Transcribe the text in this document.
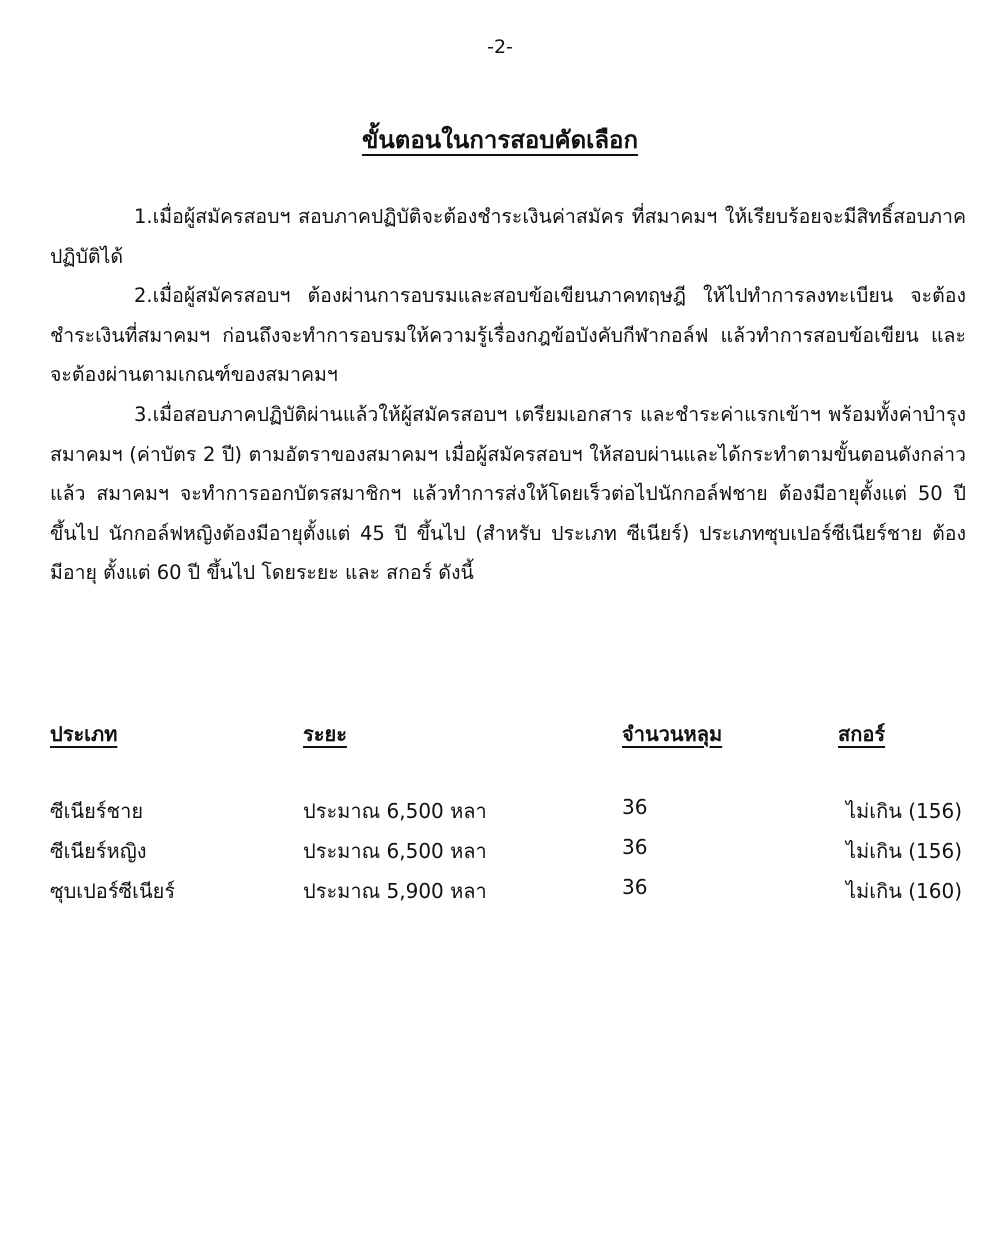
-2-
ขั้นตอนในการสอบคัดเลือก

1.เมื่อผู้สมัครสอบฯ สอบภาคปฏิบัติจะต้องชำระเงินค่าสมัคร ที่สมาคมฯ ให้เรียบร้อยจะมีสิทธิ์สอบภาคปฏิบัติได้

2.เมื่อผู้สมัครสอบฯ ต้องผ่านการอบรมและสอบข้อเขียนภาคทฤษฎี ให้ไปทำการลงทะเบียน จะต้องชำระเงินที่สมาคมฯ ก่อนถึงจะทำการอบรมให้ความรู้เรื่องกฎข้อบังคับกีฬากอล์ฟ แล้วทำการสอบข้อเขียน และจะต้องผ่านตามเกณฑ์ของสมาคมฯ

3.เมื่อสอบภาคปฏิบัติผ่านแล้วให้ผู้สมัครสอบฯ เตรียมเอกสาร และชำระค่าแรกเข้าฯ พร้อมทั้งค่าบำรุงสมาคมฯ (ค่าบัตร 2 ปี) ตามอัตราของสมาคมฯ เมื่อผู้สมัครสอบฯ ให้สอบผ่านและได้กระทำตามขั้นตอนดังกล่าวแล้ว สมาคมฯ จะทำการออกบัตรสมาชิกฯ แล้วทำการส่งให้โดยเร็วต่อไปนักกอล์ฟชาย ต้องมีอายุตั้งแต่ 50 ปี ขึ้นไป นักกอล์ฟหญิงต้องมีอายุตั้งแต่ 45 ปี ขึ้นไป (สำหรับ ประเภท ซีเนียร์) ประเภทซุบเปอร์ซีเนียร์ชาย ต้องมีอายุ ตั้งแต่ 60 ปี ขึ้นไป โดยระยะ และ สกอร์ ดังนี้

ประเภท	ระยะ	จำนวนหลุม	สกอร์
ซีเนียร์ชาย	ประมาณ 6,500 หลา	36	ไม่เกิน (156)
ซีเนียร์หญิง	ประมาณ 6,500 หลา	36	ไม่เกิน (156)
ซุบเปอร์ซีเนียร์	ประมาณ 5,900 หลา	36	ไม่เกิน (160)
